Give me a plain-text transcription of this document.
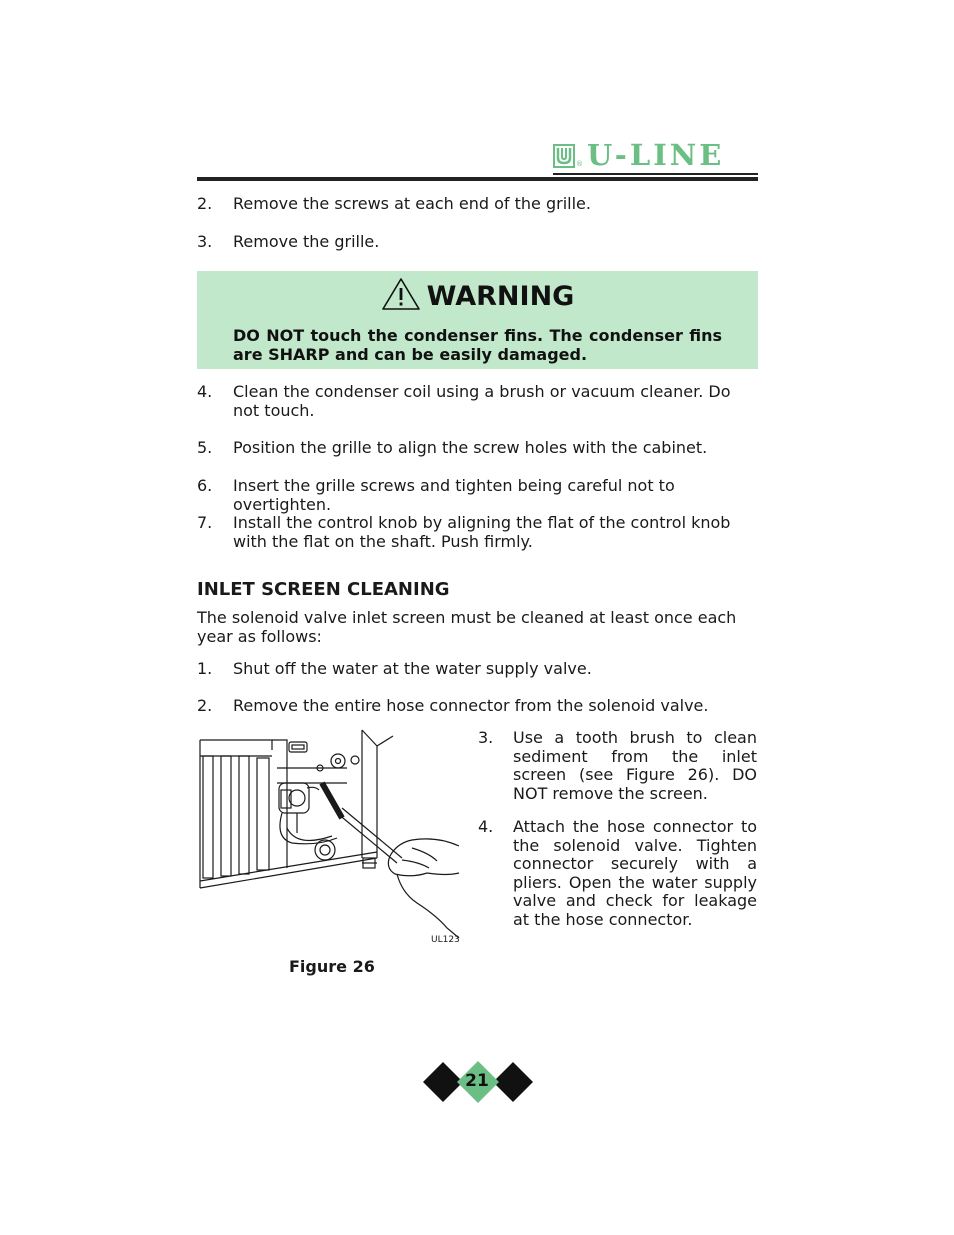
® U-LINE
2.	Remove the screws at each end of the grille.
3.	Remove the grille.
WARNING
DO NOT touch the condenser fins. The condenser fins are SHARP and can be easily damaged.
4.	Clean the condenser coil using a brush or vacuum cleaner. Do not touch.
5.	Position the grille to align the screw holes with the cabinet.
6.	Insert the grille screws and tighten being careful not to overtighten.
7.	Install the control knob by aligning the flat of the control knob with the flat on the shaft. Push firmly.
INLET SCREEN CLEANING
The solenoid valve inlet screen must be cleaned at least once each year as follows:
1.	Shut off the water at the water supply valve.
2.	Remove the entire hose connector from the solenoid valve.
UL123
Figure 26
3. Use a tooth brush to clean sediment from the inlet screen (see Figure 26). DO NOT remove the screen.
4. Attach the hose connector to the solenoid valve. Tighten connector securely with a pliers. Open the water supply valve and check for leakage at the hose connector.
21
